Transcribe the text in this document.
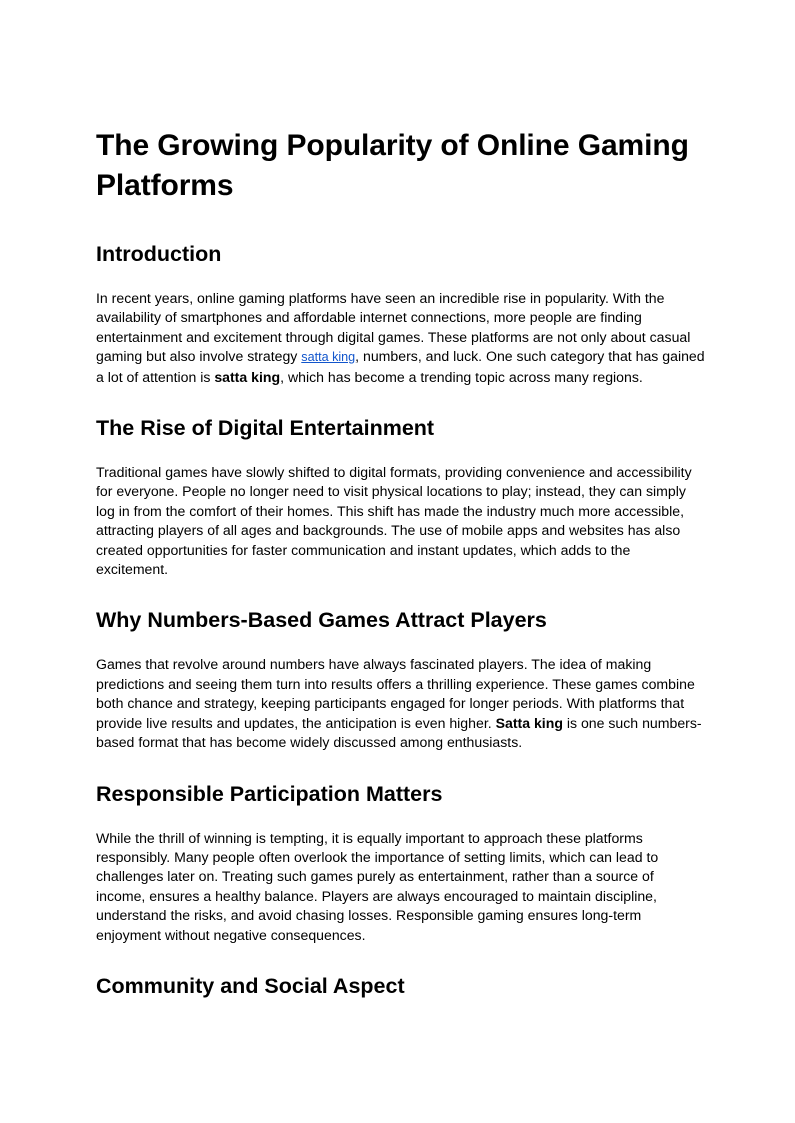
The Growing Popularity of Online Gaming Platforms
Introduction

In recent years, online gaming platforms have seen an incredible rise in popularity. With the availability of smartphones and affordable internet connections, more people are finding entertainment and excitement through digital games. These platforms are not only about casual gaming but also involve strategy satta king, numbers, and luck. One such category that has gained a lot of attention is satta king, which has become a trending topic across many regions.

The Rise of Digital Entertainment

Traditional games have slowly shifted to digital formats, providing convenience and accessibility for everyone. People no longer need to visit physical locations to play; instead, they can simply log in from the comfort of their homes. This shift has made the industry much more accessible, attracting players of all ages and backgrounds. The use of mobile apps and websites has also created opportunities for faster communication and instant updates, which adds to the excitement.

Why Numbers-Based Games Attract Players

Games that revolve around numbers have always fascinated players. The idea of making predictions and seeing them turn into results offers a thrilling experience. These games combine both chance and strategy, keeping participants engaged for longer periods. With platforms that provide live results and updates, the anticipation is even higher. Satta king is one such numbers-based format that has become widely discussed among enthusiasts.

Responsible Participation Matters

While the thrill of winning is tempting, it is equally important to approach these platforms responsibly. Many people often overlook the importance of setting limits, which can lead to challenges later on. Treating such games purely as entertainment, rather than a source of income, ensures a healthy balance. Players are always encouraged to maintain discipline, understand the risks, and avoid chasing losses. Responsible gaming ensures long-term enjoyment without negative consequences.

Community and Social Aspect
